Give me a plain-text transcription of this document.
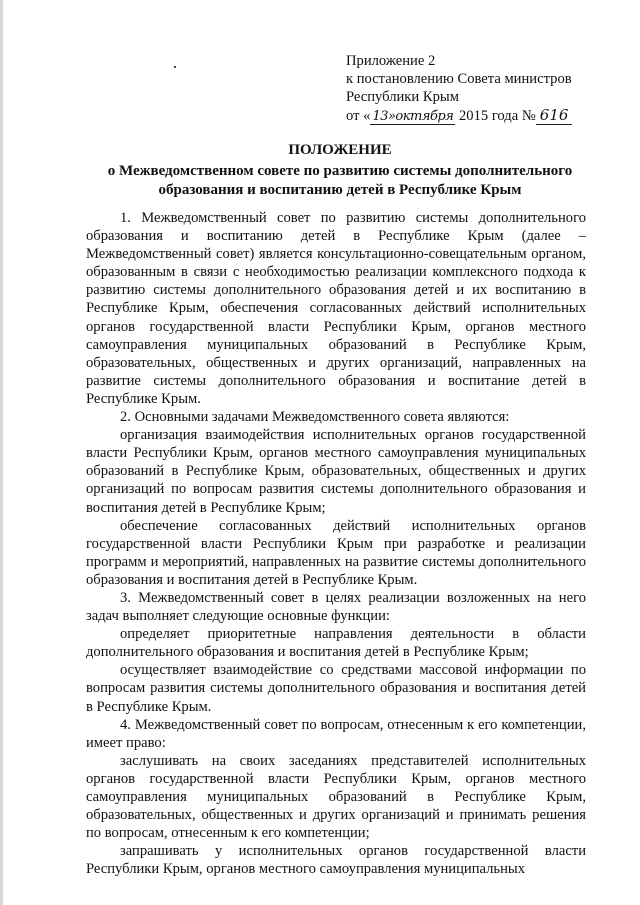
Приложение 2
к постановлению Совета министров
Республики Крым
от « 13»октября 2015 года № 616
ПОЛОЖЕНИЕ
о Межведомственном совете по развитию системы дополнительного
образования и воспитанию детей в Республике Крым

1. Межведомственный совет по развитию системы дополнительного образования и воспитанию детей в Республике Крым (далее – Межведомственный совет) является консультационно-совещательным органом, образованным в связи с необходимостью реализации комплексного подхода к развитию системы дополнительного образования детей и их воспитанию в Республике Крым, обеспечения согласованных действий исполнительных органов государственной власти Республики Крым, органов местного самоуправления муниципальных образований в Республике Крым, образовательных, общественных и других организаций, направленных на развитие системы дополнительного образования и воспитание детей в Республике Крым.

2. Основными задачами Межведомственного совета являются:

организация взаимодействия исполнительных органов государственной власти Республики Крым, органов местного самоуправления муниципальных образований в Республике Крым, образовательных, общественных и других организаций по вопросам развития системы дополнительного образования и воспитания детей в Республике Крым;

обеспечение согласованных действий исполнительных органов государственной власти Республики Крым при разработке и реализации программ и мероприятий, направленных на развитие системы дополнительного образования и воспитания детей в Республике Крым.

3. Межведомственный совет в целях реализации возложенных на него задач выполняет следующие основные функции:

определяет приоритетные направления деятельности в области дополнительного образования и воспитания детей в Республике Крым;

осуществляет взаимодействие со средствами массовой информации по вопросам развития системы дополнительного образования и воспитания детей в Республике Крым.

4. Межведомственный совет по вопросам, отнесенным к его компетенции, имеет право:

заслушивать на своих заседаниях представителей исполнительных органов государственной власти Республики Крым, органов местного самоуправления муниципальных образований в Республике Крым, образовательных, общественных и других организаций и принимать решения по вопросам, отнесенным к его компетенции;

запрашивать у исполнительных органов государственной власти Республики Крым, органов местного самоуправления муниципальных
